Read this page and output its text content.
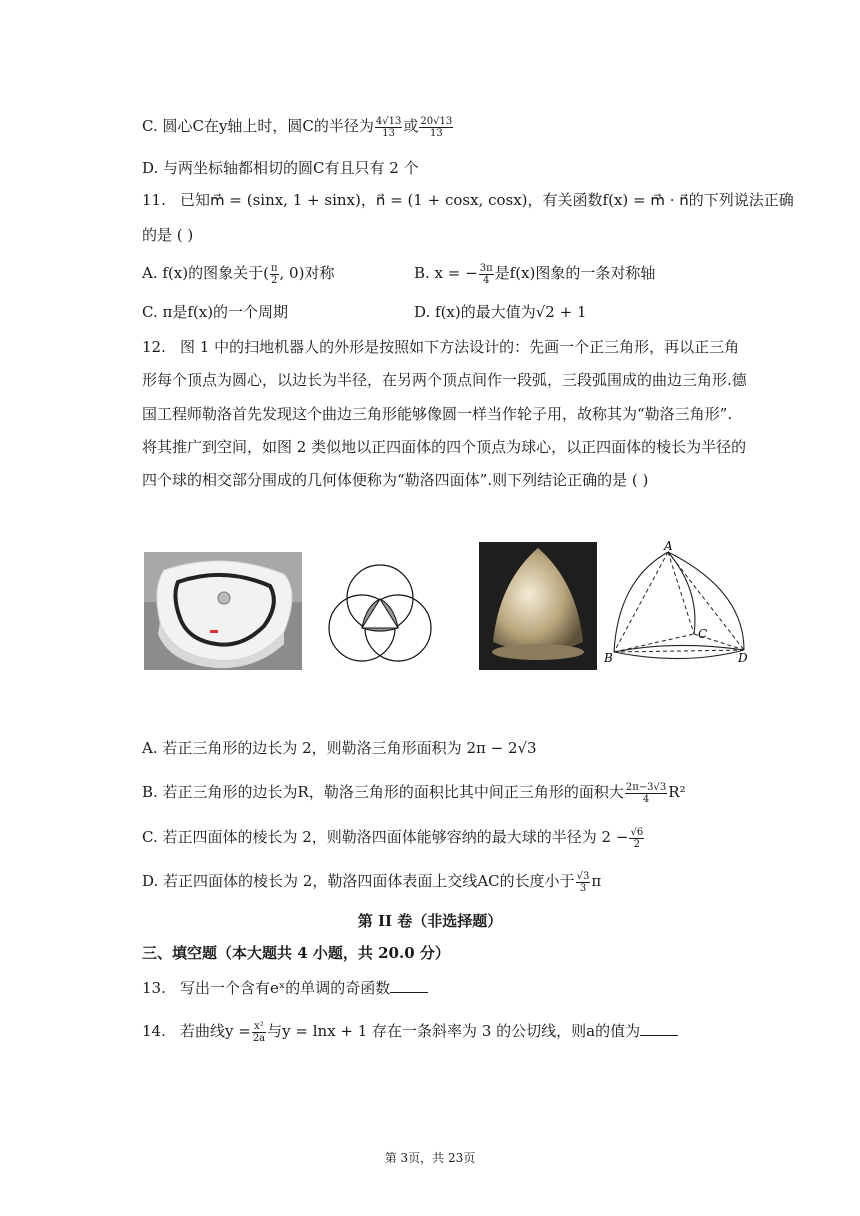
C. 圆心C在y轴上时，圆C的半径为 $\frac{4√13}{13}$ 或 $\frac{20√13}{13}$
D. 与两坐标轴都相切的圆C有且只有 2 个
11. 已知m⃗ = (sinx, 1 + sinx)，n⃗ = (1 + cosx, cosx)，有关函数f(x) = m⃗ · n⃗的下列说法正确
的是 ( )
A. f(x)的图象关于( $\frac{\pi}{2}$ , 0)对称	B. x = − $\frac{3\pi}{4}$ 是f(x)图象的一条对称轴
C. π是f(x)的一个周期	D. f(x)的最大值为√2 + 1
12. 图 1 中的扫地机器人的外形是按照如下方法设计的：先画一个正三角形，再以正三角
形每个顶点为圆心，以边长为半径，在另两个顶点间作一段弧，三段弧围成的曲边三角形.德
国工程师勒洛首先发现这个曲边三角形能够像圆一样当作轮子用，故称其为“勒洛三角形”.
将其推广到空间，如图 2 类似地以正四面体的四个顶点为球心，以正四面体的棱长为半径的
四个球的相交部分围成的几何体便称为“勒洛四面体”.则下列结论正确的是 ( )
A
B
C
D
A. 若正三角形的边长为 2，则勒洛三角形面积为 2π − 2√3
B. 若正三角形的边长为R，勒洛三角形的面积比其中间正三角形的面积大 $\frac{2\pi-3√3}{4} R^2$
C. 若正四面体的棱长为 2，则勒洛四面体能够容纳的最大球的半径为 $2 - \frac{√6}{2}$
D. 若正四面体的棱长为 2，勒洛四面体表面上交线AC的长度小于 $\frac{√3}{3}$ π
第 II 卷（非选择题）
三、填空题（本大题共 4 小题，共 20.0 分）
13. 写出一个含有eˣ的单调的奇函数
14. 若曲线$y = \frac{\text{x²}}{2a}$ 与y = lnx + 1 存在一条斜率为 3 的公切线，则a的值为
第 3页，共 23页
